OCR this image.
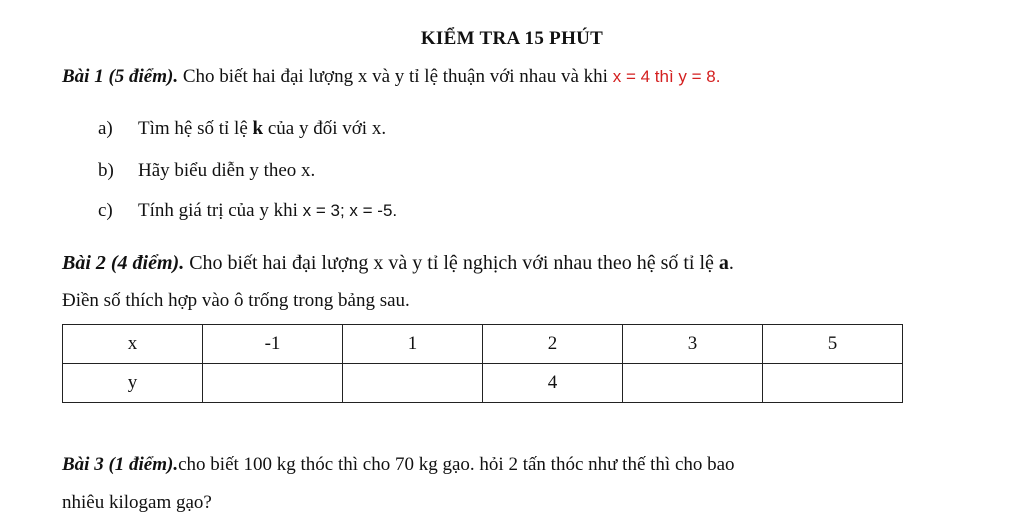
KIỂM TRA 15 PHÚT
Bài 1 (5 điểm). Cho biết hai đại lượng x và y tỉ lệ thuận với nhau và khi x = 4 thì y = 8.
a) Tìm hệ số tỉ lệ k của y đối với x.
b) Hãy biểu diễn y theo x.
c) Tính giá trị của y khi x = 3; x = -5.
Bài 2 (4 điểm). Cho biết hai đại lượng x và y tỉ lệ nghịch với nhau theo hệ số tỉ lệ a.
Điền số thích hợp vào ô trống trong bảng sau.
x	-1	1	2	3	5
y			4		
Bài 3 (1 điểm).cho biết 100 kg thóc thì cho 70 kg gạo. hỏi 2 tấn thóc như thế thì cho bao
nhiêu kilogam gạo?
